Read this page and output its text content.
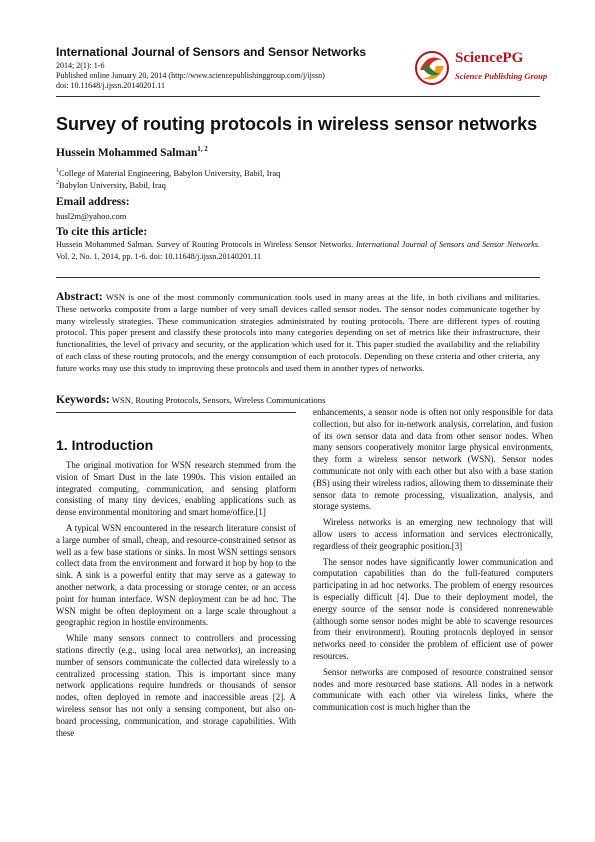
International Journal of Sensors and Sensor Networks
2014; 2(1): 1-6
Published online January 20, 2014 (http://www.sciencepublishinggroup.com/j/ijssn)
doi: 10.11648/j.ijssn.20140201.11
SciencePG
Science Publishing Group
Survey of routing protocols in wireless sensor networks
Hussein Mohammed Salman$^{1, 2}$
$^1$College of Material Engineering, Babylon University, Babil, Iraq
$^2$Babylon University, Babil, Iraq
Email address:
husl2m@yahoo.com
To cite this article:
Hussein Mohammed Salman. Survey of Routing Protocols in Wireless Sensor Networks. International Journal of Sensors and Sensor Networks. Vol. 2, No. 1, 2014, pp. 1-6. doi: 10.11648/j.ijssn.20140201.11
Abstract: WSN is one of the most commonly communication tools used in many areas at the life, in both civilians and militaries. These networks composite from a large number of very small devices called sensor nodes. The sensor nodes communicate together by many wirelessly strategies. These communication strategies administrated by routing protocols. There are different types of routing protocol. This paper present and classify these protocols into many categories depending on set of metrics like their infrastructure, their functionalities, the level of privacy and security, or the application which used for it. This paper studied the availability and the reliability of each class of these routing protocols, and the energy consumption of each protocols. Depending on these criteria and other criteria, any future works may use this study to improving these protocols and used them in another types of networks.
Keywords: WSN, Routing Protocols, Sensors, Wireless Communications
1. Introduction

The original motivation for WSN research stemmed from the vision of Smart Dust in the late 1990s. This vision entailed an integrated computing, communication, and sensing platform consisting of many tiny devices, enabling applications such as dense environmental monitoring and smart home/office.[1]

A typical WSN encountered in the research literature consist of a large number of small, cheap, and resource-constrained sensor as well as a few base stations or sinks. In most WSN settings sensors collect data from the environment and forward it hop by hop to the sink. A sink is a powerful entity that may serve as a gateway to another network, a data processing or storage center, or an access point for human interface. WSN deployment can be ad hoc. The WSN might be often deployment on a large scale throughout a geographic region in hostile environments.

While many sensors connect to controllers and processing stations directly (e.g., using local area networks), an increasing number of sensors communicate the collected data wirelessly to a centralized processing station. This is important since many network applications require hundreds or thousands of sensor nodes, often deployed in remote and inaccessible areas [2]. A wireless sensor has not only a sensing component, but also on-board processing, communication, and storage capabilities. With these

enhancements, a sensor node is often not only responsible for data collection, but also for in-network analysis, correlation, and fusion of its own sensor data and data from other sensor nodes. When many sensors cooperatively monitor large physical environments, they form a wireless sensor network (WSN). Sensor nodes communicate not only with each other but also with a base station (BS) using their wireless radios, allowing them to disseminate their sensor data to remote processing, visualization, analysis, and storage systems.

Wireless networks is an emerging new technology that will allow users to access information and services electronically, regardless of their geographic position.[3]

The sensor nodes have significantly lower communication and computation capabilities than do the full-featured computers participating in ad hoc networks. The problem of energy resources is especially difficult [4]. Due to their deployment model, the energy source of the sensor node is considered nonrenewable (although some sensor nodes might be able to scavenge resources from their environment). Routing protocols deployed in sensor networks need to consider the problem of efficient use of power resources.

Sensor networks are composed of resource constrained sensor nodes and more resourced base stations. All nodes in a network communicate with each other via wireless links, where the communication cost is much higher than the
